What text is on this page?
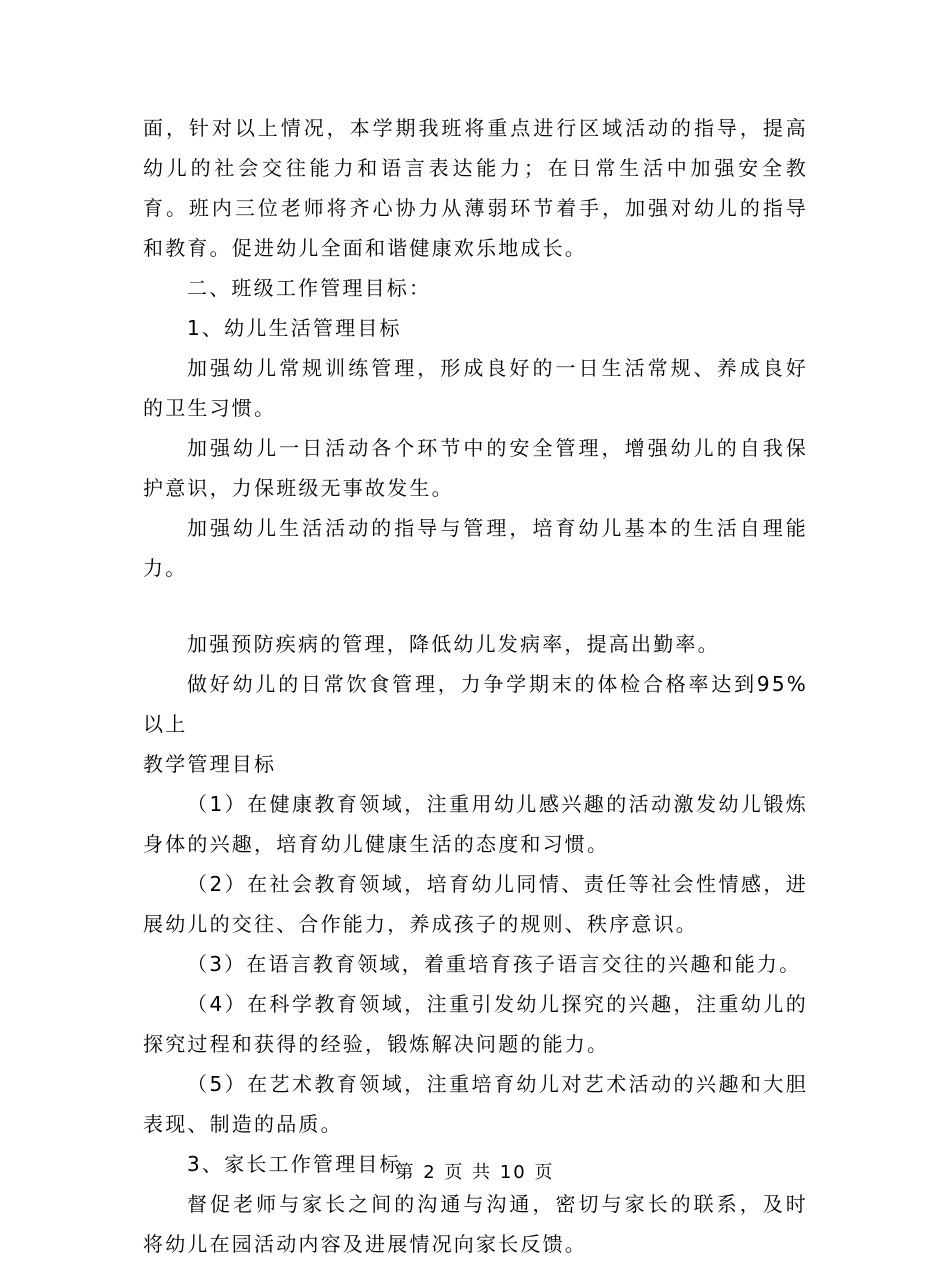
面，针对以上情况，本学期我班将重点进行区域活动的指导，提高幼儿的社会交往能力和语言表达能力；在日常生活中加强安全教育。班内三位老师将齐心协力从薄弱环节着手，加强对幼儿的指导和教育。促进幼儿全面和谐健康欢乐地成长。

二、班级工作管理目标：

1、幼儿生活管理目标

加强幼儿常规训练管理，形成良好的一日生活常规、养成良好的卫生习惯。

加强幼儿一日活动各个环节中的安全管理，增强幼儿的自我保护意识，力保班级无事故发生。

加强幼儿生活活动的指导与管理，培育幼儿基本的生活自理能力。

加强预防疾病的管理，降低幼儿发病率，提高出勤率。

做好幼儿的日常饮食管理，力争学期末的体检合格率达到95%以上

教学管理目标

（1）在健康教育领域，注重用幼儿感兴趣的活动激发幼儿锻炼身体的兴趣，培育幼儿健康生活的态度和习惯。

（2）在社会教育领域，培育幼儿同情、责任等社会性情感，进展幼儿的交往、合作能力，养成孩子的规则、秩序意识。

（3）在语言教育领域，着重培育孩子语言交往的兴趣和能力。

（4）在科学教育领域，注重引发幼儿探究的兴趣，注重幼儿的探究过程和获得的经验，锻炼解决问题的能力。

（5）在艺术教育领域，注重培育幼儿对艺术活动的兴趣和大胆表现、制造的品质。

3、家长工作管理目标

督促老师与家长之间的沟通与沟通，密切与家长的联系，及时将幼儿在园活动内容及进展情况向家长反馈。

第 2 页 共 10 页
